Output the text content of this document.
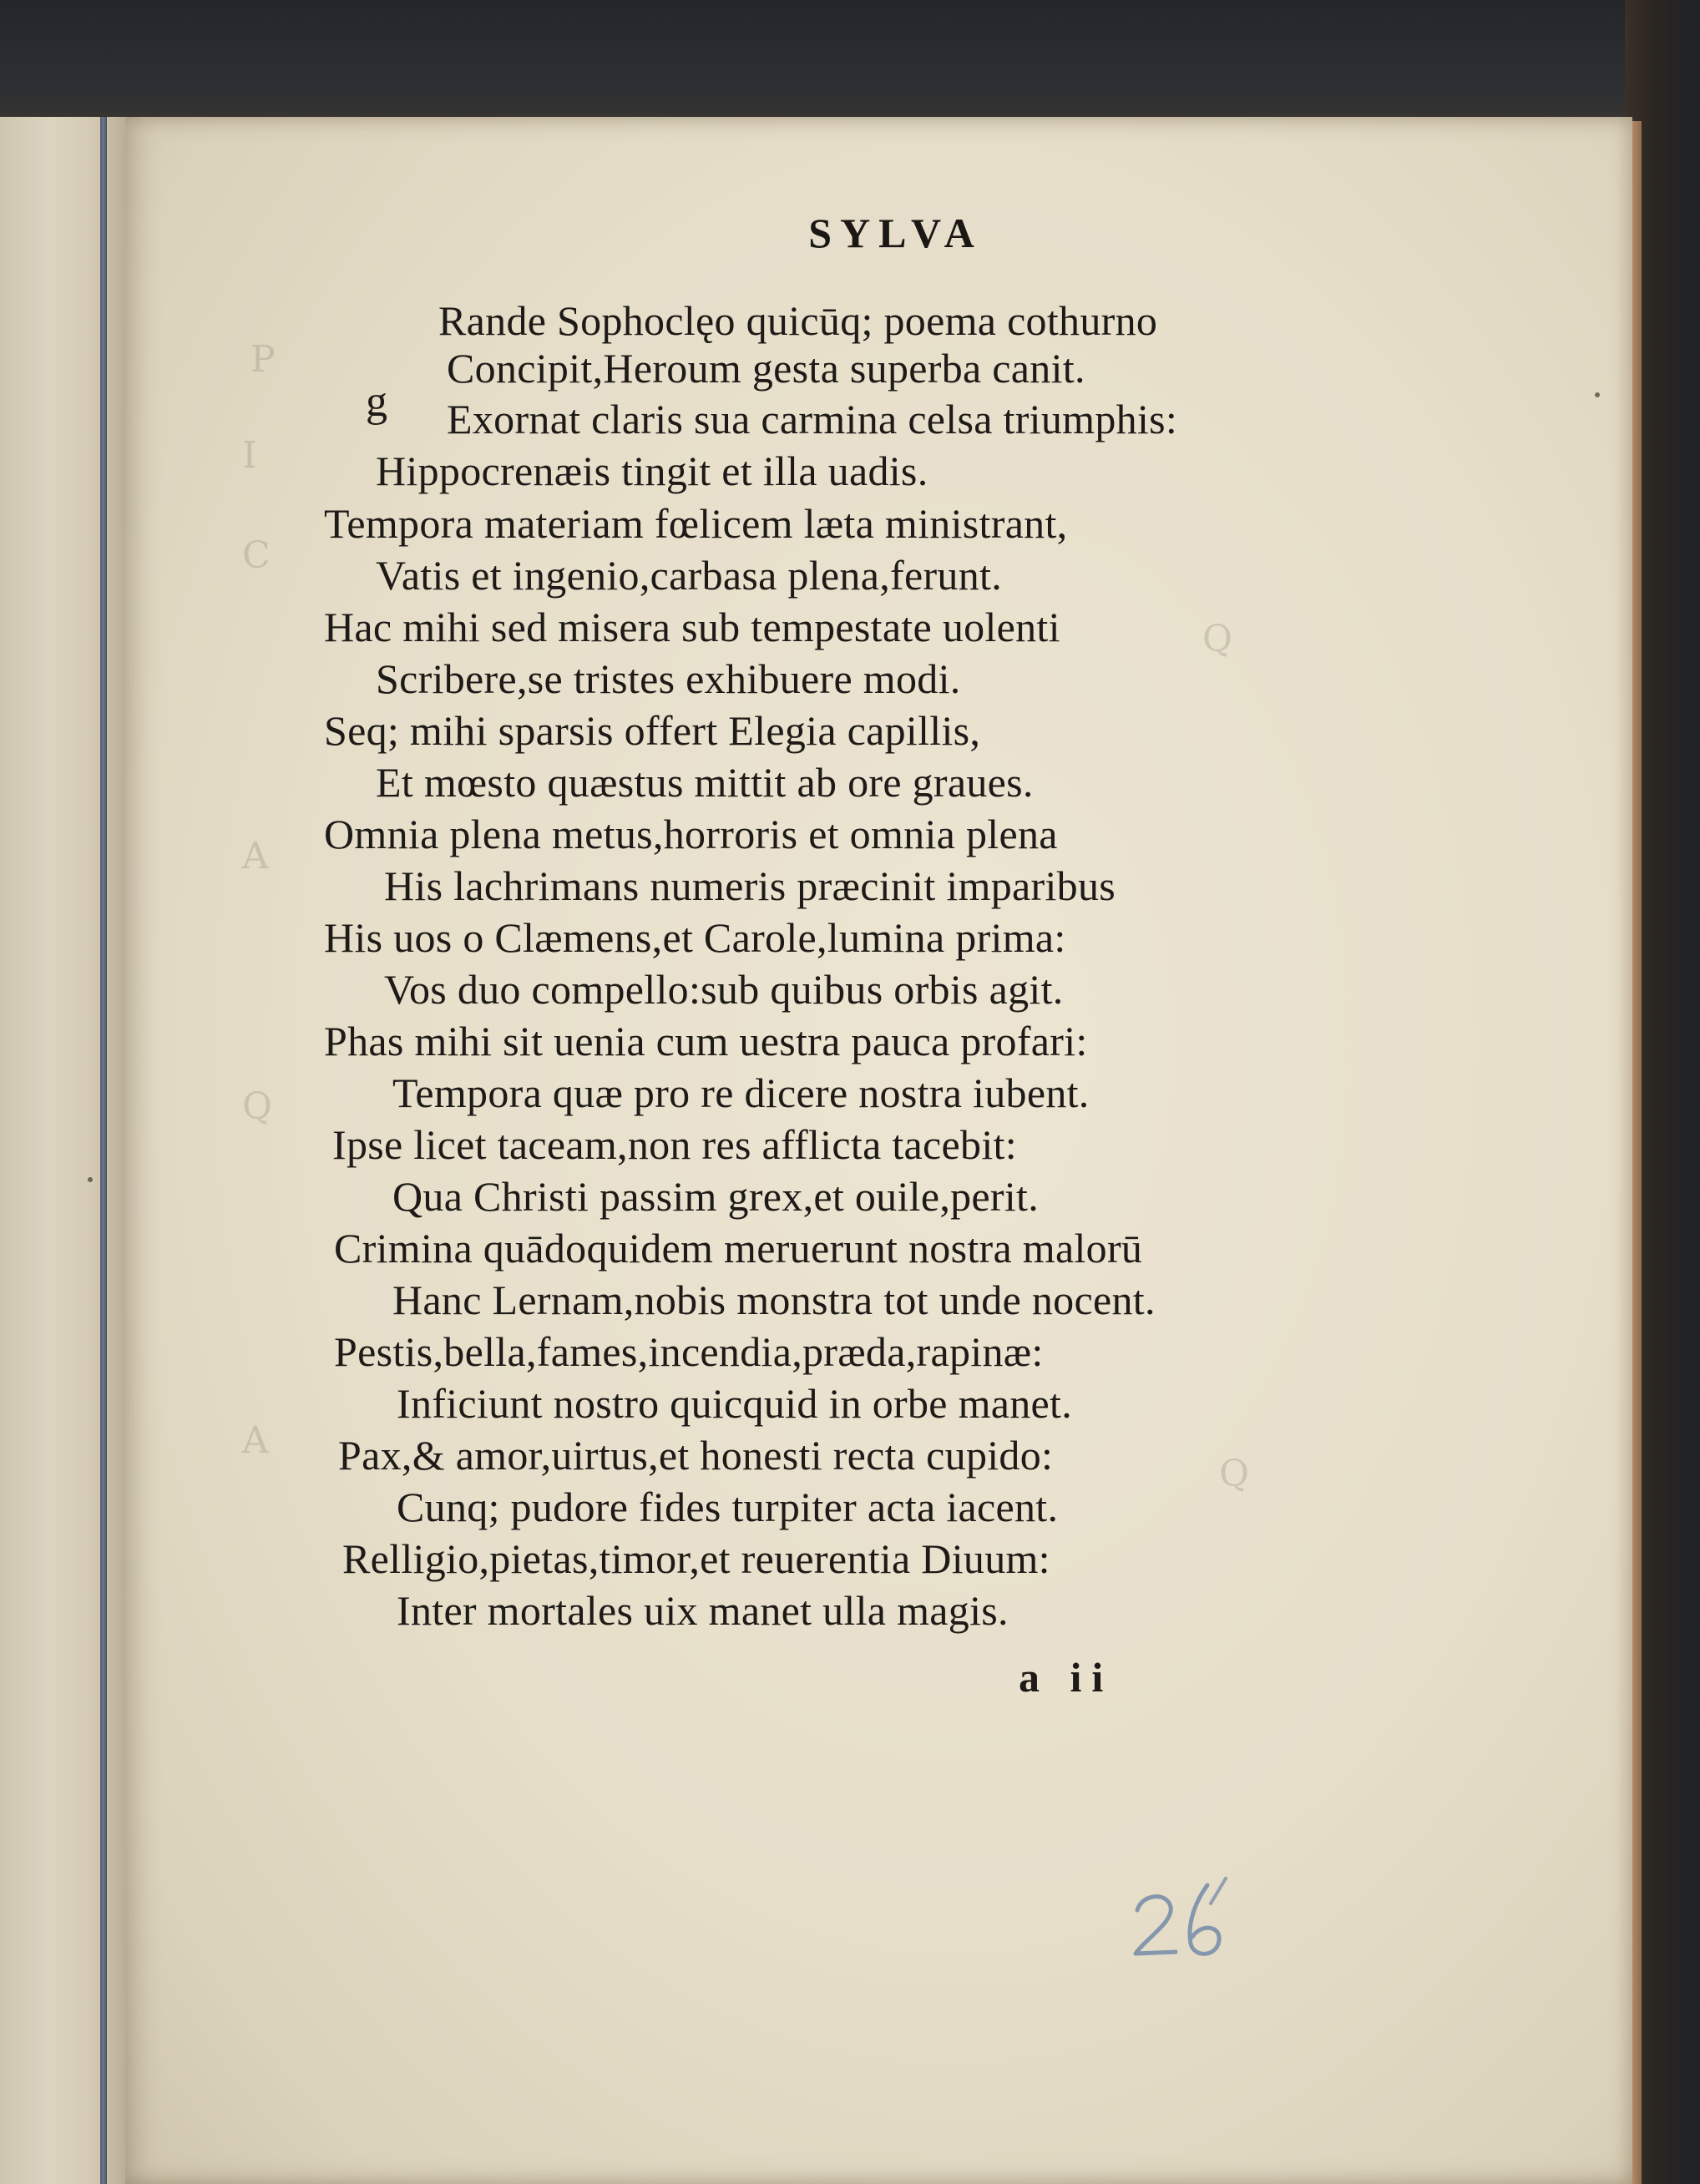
P
I
C
A
Q
A
Q
Q
SYLVA
g
Rande Sophoclęo quicūq; poema cothurno
Concipit,Heroum gesta superba canit.
Exornat claris sua carmina celsa triumphis:
Hippocrenæis tingit et illa uadis.
Tempora materiam fœlicem læta ministrant,
Vatis et ingenio,carbasa plena,ferunt.
Hac mihi sed misera sub tempestate uolenti
Scribere,se tristes exhibuere modi.
Seq; mihi sparsis offert Elegia capillis,
Et mœsto quæstus mittit ab ore graues.
Omnia plena metus,horroris et omnia plena
His lachrimans numeris præcinit imparibus
His uos o Clæmens,et Carole,lumina prima:
Vos duo compello:sub quibus orbis agit.
Phas mihi sit uenia cum uestra pauca profari:
Tempora quæ pro re dicere nostra iubent.
Ipse licet taceam,non res afflicta tacebit:
Qua Christi passim grex,et ouile,perit.
Crimina quādoquidem meruerunt nostra malorū
Hanc Lernam,nobis monstra tot unde nocent.
Pestis,bella,fames,incendia,præda,rapinæ:
Inficiunt nostro quicquid in orbe manet.
Pax,& amor,uirtus,et honesti recta cupido:
Cunq; pudore fides turpiter acta iacent.
Relligio,pietas,timor,et reuerentia Diuum:
Inter mortales uix manet ulla magis.
a ii
